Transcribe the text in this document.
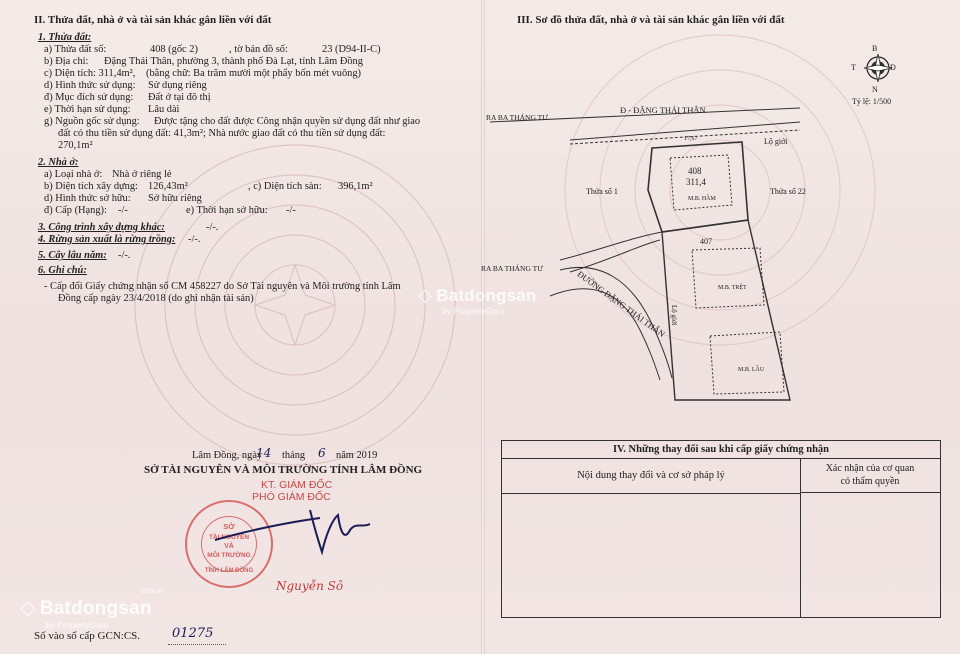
II. Thửa đất, nhà ở và tài sản khác gắn liền với đất
1. Thửa đất:
a) Thửa đất số:	408 (gốc 2)	, tờ bản đồ số:	23 (D94-II-C)
b) Địa chỉ: Đặng Thái Thân, phường 3, thành phố Đà Lạt, tỉnh Lâm Đồng
c) Diện tích: 311,4m², (bằng chữ: Ba trăm mười một phẩy bốn mét vuông)
d) Hình thức sử dụng: Sử dụng riêng
đ) Mục đích sử dụng: Đất ở tại đô thị
e) Thời hạn sử dụng: Lâu dài
g) Nguồn gốc sử dụng: Được tặng cho đất được Công nhận quyền sử dụng đất như giao
đất có thu tiền sử dụng đất: 41,3m²; Nhà nước giao đất có thu tiền sử dụng đất:
270,1m²
2. Nhà ở:
a) Loại nhà ở: Nhà ở riêng lẻ
b) Diện tích xây dựng: 126,43m²	, c) Diện tích sàn: 396,1m²
d) Hình thức sở hữu: Sở hữu riêng
đ) Cấp (Hạng): -/-	e) Thời hạn sở hữu: -/-
3. Công trình xây dựng khác:	-/-.
4. Rừng sản xuất là rừng trồng: -/-.
5. Cây lâu năm: -/-.
6. Ghi chú:
- Cấp đổi Giấy chứng nhận số CM 458227 do Sở Tài nguyên và Môi trường tỉnh Lâm
Đồng cấp ngày 23/4/2018 (do ghi nhận tài sản)
Lâm Đồng, ngày
14 tháng 6 năm 2019
SỞ TÀI NGUYÊN VÀ MÔI TRƯỜNG TỈNH LÂM ĐỒNG
KT. GIÁM ĐỐC
PHÓ GIÁM ĐỐC
SỞ
TÀI NGUYÊN
VÀ
MÔI TRƯỜNG
TỈNH LÂM ĐỒNG
Nguyễn Sô
Số vào sổ cấp GCN:CS. 01275
◇ Batdongsan
by PropertyGuru
.com.vn
◇ Batdongsan
by PropertyGuru
III. Sơ đồ thửa đất, nhà ở và tài sản khác gắn liền với đất
B
T	Đ
N
Tỷ lệ: 1/500
RA BA THÁNG TƯ
Đ - ĐẶNG THÁI THÂN
Lộ giới
17,67
408
311,4
M.B. HẦM
Thửa số 1	Thửa số 22
407
RA BA THÁNG TƯ
ĐƯỜNG ĐẶNG THÁI THÂN Lộ giới
M.B. TRỆT
M.B. LẦU
IV. Những thay đổi sau khi cấp giấy chứng nhận
Nội dung thay đổi và cơ sở pháp lý
Xác nhận của cơ quan
có thẩm quyền
